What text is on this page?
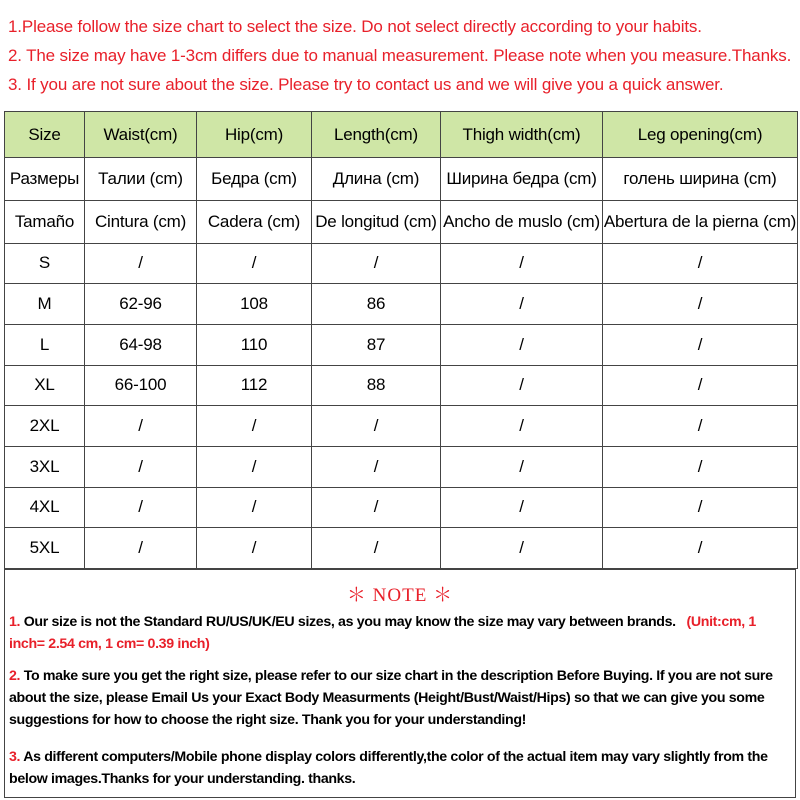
1.Please follow the size chart to select the size. Do not select directly according to your habits.
2. The size may have 1-3cm differs due to manual measurement. Please note when you measure.Thanks.
3. If you are not sure about the size. Please try to contact us and we will give you a quick answer.
Size	Waist(cm)	Hip(cm)	Length(cm)	Thigh width(cm)	Leg opening(cm)
Размеры	Талии (cm)	Бедра (cm)	Длина (cm)	Ширина бедра (cm)	голень ширина (cm)
Tamaño	Cintura (cm)	Cadera (cm)	De longitud (cm)	Ancho de muslo (cm)	Abertura de la pierna (cm)
S	/	/	/	/	/
M	62-96	108	86	/	/
L	64-98	110	87	/	/
XL	66-100	112	88	/	/
2XL	/	/	/	/	/
3XL	/	/	/	/	/
4XL	/	/	/	/	/
5XL	/	/	/	/	/
＊ NOTE ＊
1. Our size is not the Standard RU/US/UK/EU sizes, as you may know the size may vary between brands. (Unit:cm, 1 inch= 2.54 cm, 1 cm= 0.39 inch)
2. To make sure you get the right size, please refer to our size chart in the description Before Buying. If you are not sure about the size, please Email Us your Exact Body Measurments (Height/Bust/Waist/Hips) so that we can give you some suggestions for how to choose the right size. Thank you for your understanding!
3. As different computers/Mobile phone display colors differently,the color of the actual item may vary slightly from the below images.Thanks for your understanding. thanks.
